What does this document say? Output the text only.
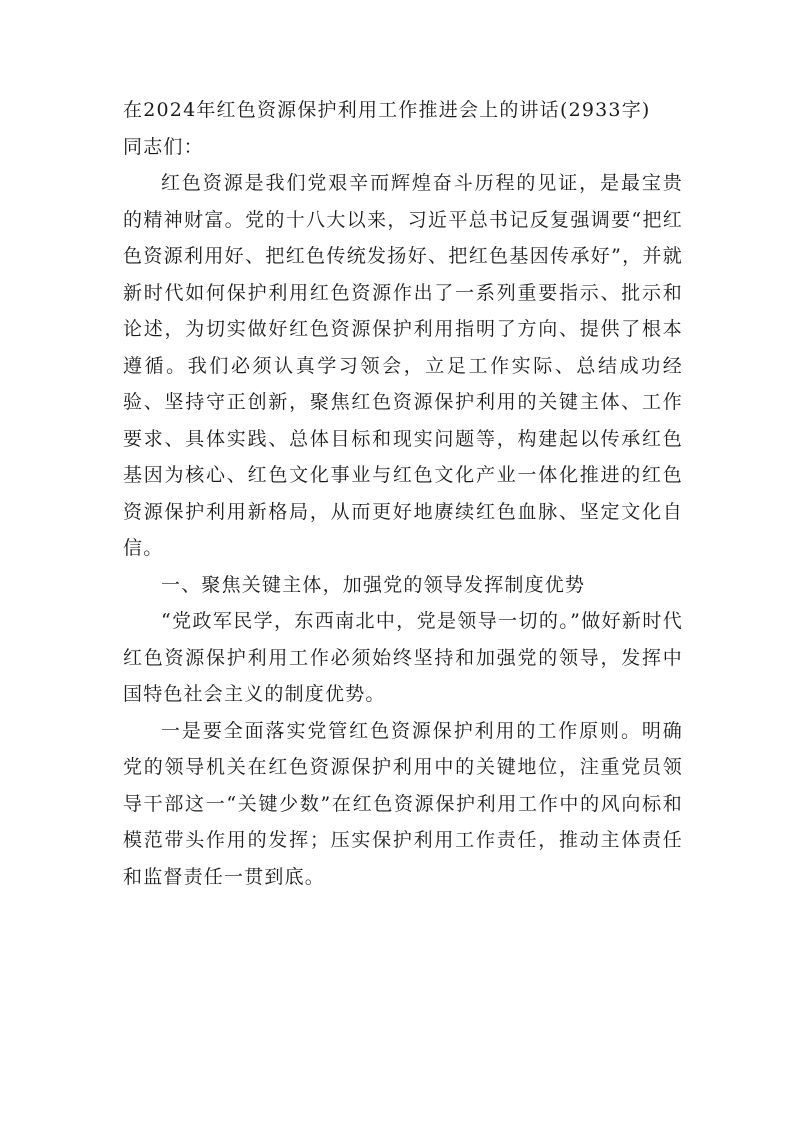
在2024年红色资源保护利用工作推进会上的讲话(2933字)

同志们：

红色资源是我们党艰辛而辉煌奋斗历程的见证，是最宝贵的精神财富。党的十八大以来，习近平总书记反复强调要“把红色资源利用好、把红色传统发扬好、把红色基因传承好”，并就新时代如何保护利用红色资源作出了一系列重要指示、批示和论述，为切实做好红色资源保护利用指明了方向、提供了根本遵循。我们必须认真学习领会，立足工作实际、总结成功经验、坚持守正创新，聚焦红色资源保护利用的关键主体、工作要求、具体实践、总体目标和现实问题等，构建起以传承红色基因为核心、红色文化事业与红色文化产业一体化推进的红色资源保护利用新格局，从而更好地赓续红色血脉、坚定文化自信。

一、聚焦关键主体，加强党的领导发挥制度优势

“党政军民学，东西南北中，党是领导一切的。”做好新时代红色资源保护利用工作必须始终坚持和加强党的领导，发挥中国特色社会主义的制度优势。

一是要全面落实党管红色资源保护利用的工作原则。明确党的领导机关在红色资源保护利用中的关键地位，注重党员领导干部这一“关键少数”在红色资源保护利用工作中的风向标和模范带头作用的发挥；压实保护利用工作责任，推动主体责任和监督责任一贯到底。
